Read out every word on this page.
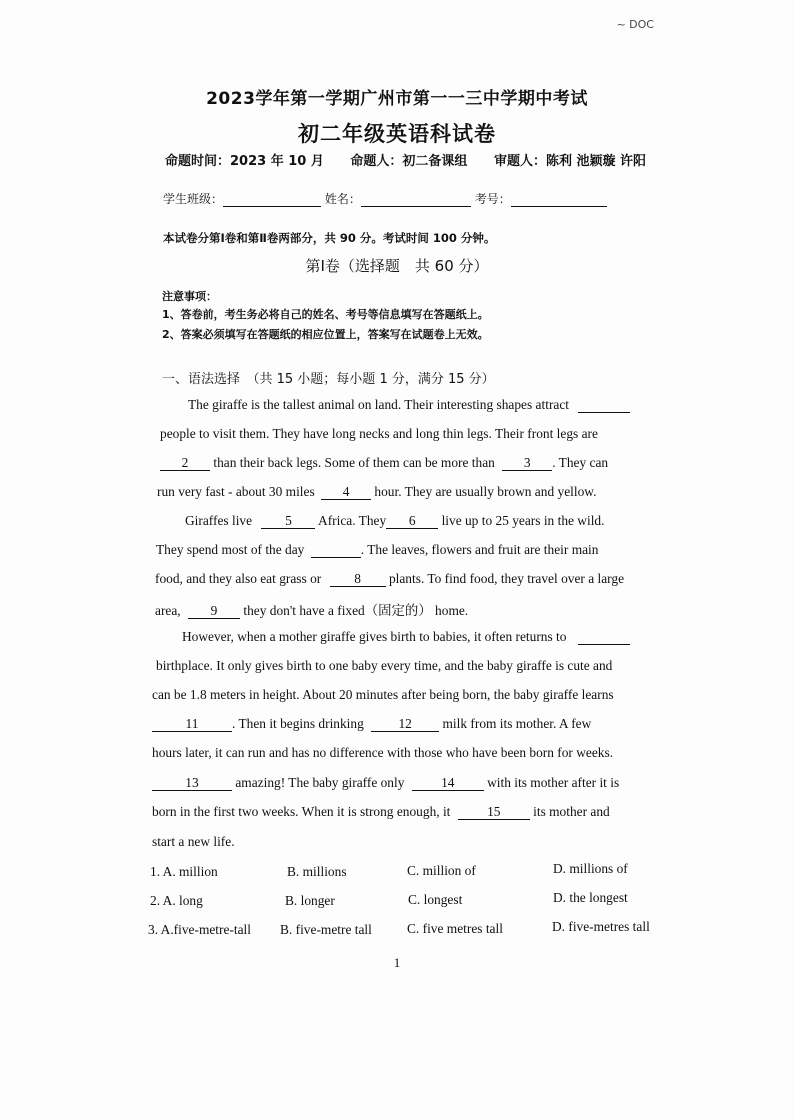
~ DOC
2023学年第一学期广州市第一一三中学期中考试
初二年级英语科试卷
命题时间：2023 年 10 月 命题人：初二备课组 审题人：陈利 池颖璇 许阳
学生班级：	姓名：	考号：
本试卷分第Ⅰ卷和第Ⅱ卷两部分，共 90 分。考试时间 100 分钟。
第Ⅰ卷（选择题　共 60 分）
注意事项：
1、答卷前，考生务必将自己的姓名、考号等信息填写在答题纸上。
2、答案必须填写在答题纸的相应位置上，答案写在试题卷上无效。
一、语法选择　（共 15 小题；每小题 1 分，满分 15 分）
The giraffe is the tallest animal on land. Their interesting shapes attract
people to visit them. They have long necks and long thin legs. Their front legs are
2 than their back legs. Some of them can be more than 3 . They can
run very fast - about 30 miles 4 hour. They are usually brown and yellow.
Giraffes live 5 Africa. They 6 live up to 25 years in the wild.
They spend most of the day	. The leaves, flowers and fruit are their main
food, and they also eat grass or 8 plants. To find food, they travel over a large
area, 9 they don't have a fixed（固定的） home.
However, when a mother giraffe gives birth to babies, it often returns to
birthplace. It only gives birth to one baby every time, and the baby giraffe is cute and
can be 1.8 meters in height. About 20 minutes after being born, the baby giraffe learns
11	. Then it begins drinking	12 milk from its mother. A few
hours later, it can run and has no difference with those who have been born for weeks.
13	amazing! The baby giraffe only	14 with its mother after it is
born in the first two weeks. When it is strong enough, it	15 its mother and
start a new life.
1. A. million	B. millions	C. million of	D. millions of
2. A. long	B. longer	C. longest	D. the longest
3. A.five-metre-tall B. five-metre tall	C. five metres tall	D. five-metres tall
1
